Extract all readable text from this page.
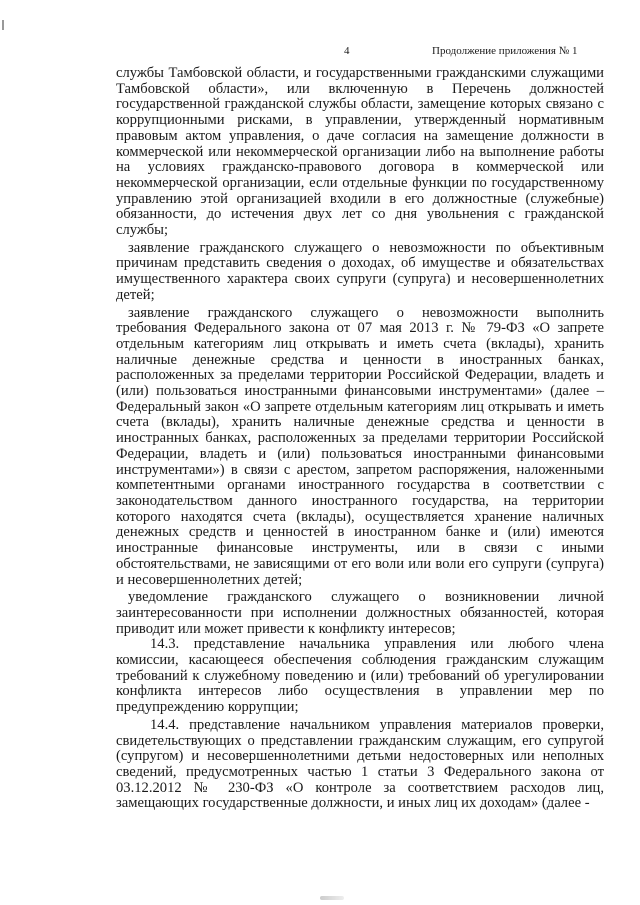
4	Продолжение приложения № 1

службы Тамбовской области, и государственными гражданскими служащими Тамбовской области», или включенную в Перечень должностей государственной гражданской службы области, замещение которых связано с коррупционными рисками, в управлении, утвержденный нормативным правовым актом управления, о даче согласия на замещение должности в коммерческой или некоммерческой организации либо на выполнение работы на условиях гражданско-правового договора в коммерческой или некоммерческой организации, если отдельные функции по государственному управлению этой организацией входили в его должностные (служебные) обязанности, до истечения двух лет со дня увольнения с гражданской службы;

заявление гражданского служащего о невозможности по объективным причинам представить сведения о доходах, об имуществе и обязательствах имущественного характера своих супруги (супруга) и несовершеннолетних детей;

заявление гражданского служащего о невозможности выполнить требования Федерального закона от 07 мая 2013 г. № 79-ФЗ «О запрете отдельным категориям лиц открывать и иметь счета (вклады), хранить наличные денежные средства и ценности в иностранных банках, расположенных за пределами территории Российской Федерации, владеть и (или) пользоваться иностранными финансовыми инструментами» (далее – Федеральный закон «О запрете отдельным категориям лиц открывать и иметь счета (вклады), хранить наличные денежные средства и ценности в иностранных банках, расположенных за пределами территории Российской Федерации, владеть и (или) пользоваться иностранными финансовыми инструментами») в связи с арестом, запретом распоряжения, наложенными компетентными органами иностранного государства в соответствии с законодательством данного иностранного государства, на территории которого находятся счета (вклады), осуществляется хранение наличных денежных средств и ценностей в иностранном банке и (или) имеются иностранные финансовые инструменты, или в связи с иными обстоятельствами, не зависящими от его воли или воли его супруги (супруга) и несовершеннолетних детей;

уведомление гражданского служащего о возникновении личной заинтересованности при исполнении должностных обязанностей, которая приводит или может привести к конфликту интересов;

14.3. представление начальника управления или любого члена комиссии, касающееся обеспечения соблюдения гражданским служащим требований к служебному поведению и (или) требований об урегулировании конфликта интересов либо осуществления в управлении мер по предупреждению коррупции;

14.4. представление начальником управления материалов проверки, свидетельствующих о представлении гражданским служащим, его супругой (супругом) и несовершеннолетними детьми недостоверных или неполных сведений, предусмотренных частью 1 статьи 3 Федерального закона от 03.12.2012 № 230-ФЗ «О контроле за соответствием расходов лиц, замещающих государственные должности, и иных лиц их доходам» (далее -
